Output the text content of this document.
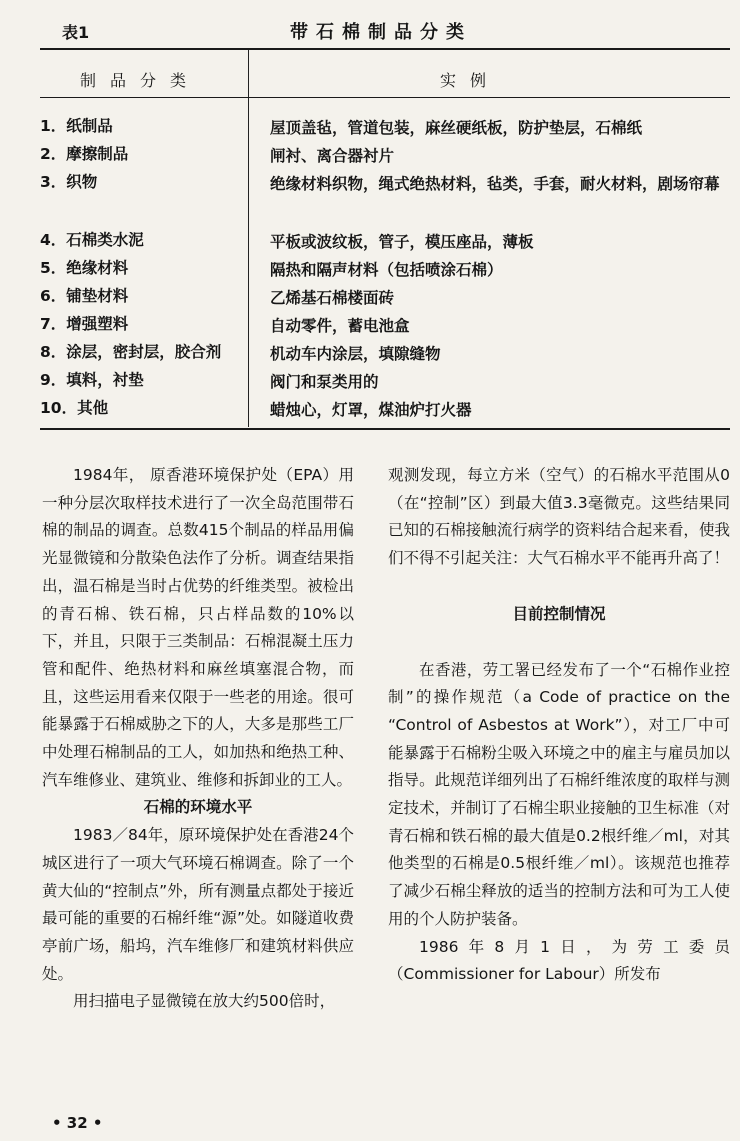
表1	带石棉制品分类
制品分类	实例
1．纸制品	屋顶盖毡，管道包装，麻丝硬纸板，防护垫层，石棉纸
2．摩擦制品	闸衬、离合器衬片
3．织物	绝缘材料织物，绳式绝热材料，毡类，手套，耐火材料，剧场帘幕
4．石棉类水泥	平板或波纹板，管子，模压座品，薄板
5．绝缘材料	隔热和隔声材料（包括喷涂石棉）
6．铺垫材料	乙烯基石棉楼面砖
7．增强塑料	自动零件，蓄电池盒
8．涂层，密封层，胶合剂	机动车内涂层，填隙缝物
9．填料，衬垫	阀门和泵类用的
10．其他	蜡烛心，灯罩，煤油炉打火器

1984年， 原香港环境保护处（EPA）用一种分层次取样技术进行了一次全岛范围带石棉的制品的调查。总数415个制品的样品用偏光显微镜和分散染色法作了分析。调查结果指出，温石棉是当时占优势的纤维类型。被检出的青石棉、铁石棉，只占样品数的10%以下，并且，只限于三类制品：石棉混凝土压力管和配件、绝热材料和麻丝填塞混合物，而且，这些运用看来仅限于一些老的用途。很可能暴露于石棉威胁之下的人，大多是那些工厂中处理石棉制品的工人，如加热和绝热工种、汽车维修业、建筑业、维修和拆卸业的工人。

石棉的环境水平

1983／84年，原环境保护处在香港24个城区进行了一项大气环境石棉调查。除了一个黄大仙的“控制点”外，所有测量点都处于接近最可能的重要的石棉纤维“源”处。如隧道收费亭前广场，船坞，汽车维修厂和建筑材料供应处。

用扫描电子显微镜在放大约500倍时，

观测发现，每立方米（空气）的石棉水平范围从0（在“控制”区）到最大值3.3毫微克。这些结果同已知的石棉接触流行病学的资料结合起来看，使我们不得不引起关注：大气石棉水平不能再升高了！

目前控制情况

在香港，劳工署已经发布了一个“石棉作业控制”的操作规范（a Code of practice on the “Control of Asbestos at Work”），对工厂中可能暴露于石棉粉尘吸入环境之中的雇主与雇员加以指导。此规范详细列出了石棉纤维浓度的取样与测定技术，并制订了石棉尘职业接触的卫生标准（对青石棉和铁石棉的最大值是0.2根纤维／ml，对其他类型的石棉是0.5根纤维／ml）。该规范也推荐了减少石棉尘释放的适当的控制方法和可为工人使用的个人防护装备。

1986年8月1日，为劳工委员（Commissioner for Labour）所发布

• 32 •
